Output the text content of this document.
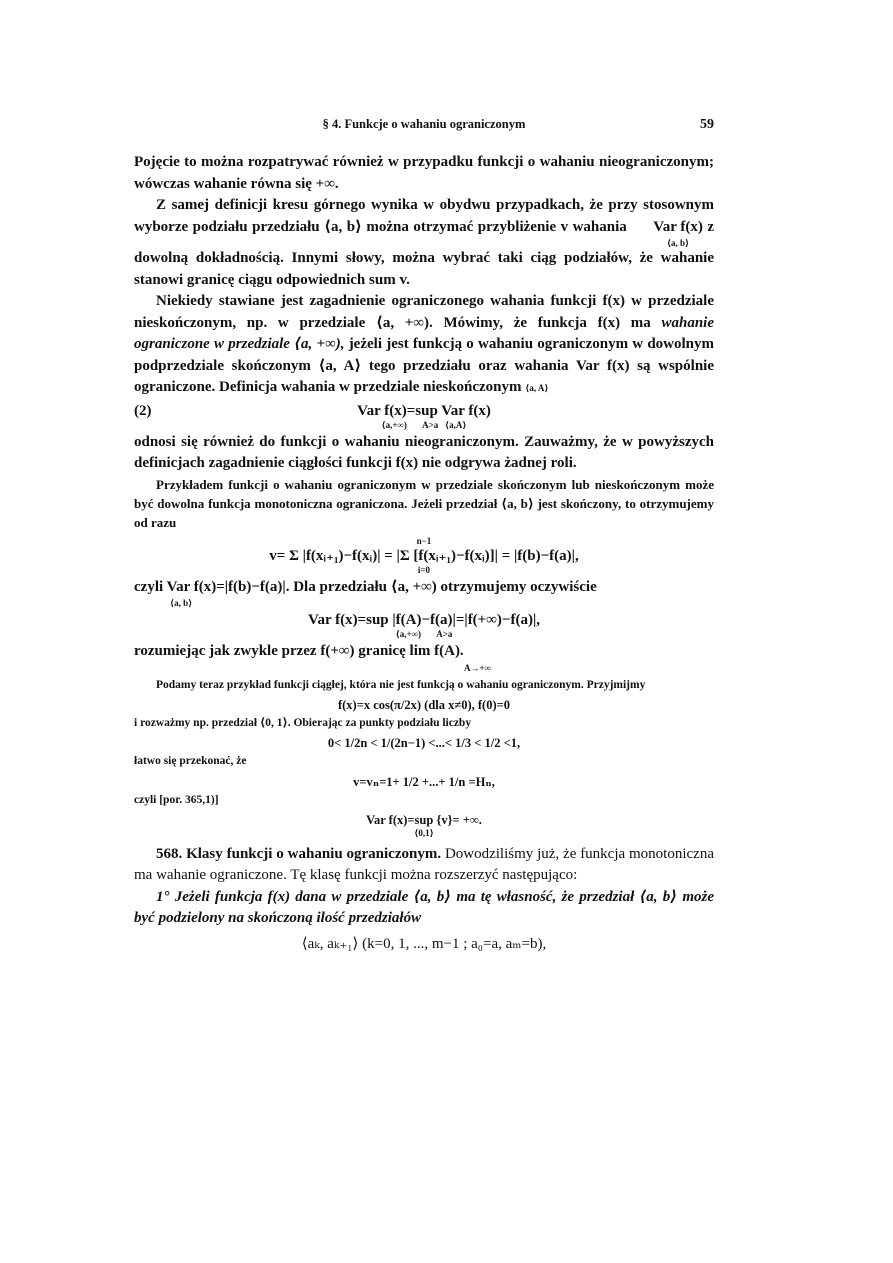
§ 4. Funkcje o wahaniu ograniczonym	59

Pojęcie to można rozpatrywać również w przypadku funkcji o wahaniu nieograniczonym; wówczas wahanie równa się +∞.

Z samej definicji kresu górnego wynika w obydwu przypadkach, że przy stosownym wyborze podziału przedziału ⟨a, b⟩ można otrzymać przybliżenie v wahania Var f(x)
⟨a, b⟩
z dowolną dokładnością. Innymi słowy, można wybrać taki ciąg podziałów, że wahanie stanowi granicę ciągu odpowiednich sum v.

Niekiedy stawiane jest zagadnienie ograniczonego wahania funkcji f(x) w przedziale nieskończonym, np. w przedziale ⟨a, +∞). Mówimy, że funkcja f(x) ma wahanie ograniczone w przedziale ⟨a, +∞), jeżeli jest funkcją o wahaniu ograniczonym w dowolnym podprzedziale skończonym ⟨a, A⟩ tego przedziału oraz wahania Var f(x) są wspólnie ograniczone. Definicja wahania w przedziale nieskończonym ⟨a, A⟩

(2)	Var f(x)=sup Var f(x)
⟨a,+∞) A>a ⟨a,A⟩

odnosi się również do funkcji o wahaniu nieograniczonym. Zauważmy, że w powyższych definicjach zagadnienie ciągłości funkcji f(x) nie odgrywa żadnej roli.

Przykładem funkcji o wahaniu ograniczonym w przedziale skończonym lub nieskończonym może być dowolna funkcja monotoniczna ograniczona. Jeżeli przedział ⟨a, b⟩ jest skończony, to otrzymujemy od razu

n−1
v= Σ |f(xᵢ₊₁)−f(xᵢ)| = |Σ [f(xᵢ₊₁)−f(xᵢ)]| = |f(b)−f(a)|,
i=0

czyli Var f(x)=|f(b)−f(a)|. Dla przedziału ⟨a, +∞) otrzymujemy oczywiście
⟨a, b⟩

Var f(x)=sup |f(A)−f(a)|=|f(+∞)−f(a)|,
⟨a,+∞) A>a

rozumiejąc jak zwykle przez f(+∞) granicę lim f(A).
A→+∞

Podamy teraz przykład funkcji ciągłej, która nie jest funkcją o wahaniu ograniczonym. Przyjmijmy

f(x)=x cos(π/2x) (dla x≠0), f(0)=0

i rozważmy np. przedział ⟨0, 1⟩. Obierając za punkty podziału liczby

0< 1/2n < 1/(2n−1) <...< 1/3 < 1/2 <1,

łatwo się przekonać, że

v=vₙ=1+ 1/2 +...+ 1/n =Hₙ,

czyli [por. 365,1)]

Var f(x)=sup {v}= +∞.
⟨0,1⟩

568. Klasy funkcji o wahaniu ograniczonym. Dowodziliśmy już, że funkcja monotoniczna ma wahanie ograniczone. Tę klasę funkcji można rozszerzyć następująco:

1° Jeżeli funkcja f(x) dana w przedziale ⟨a, b⟩ ma tę własność, że przedział ⟨a, b⟩ może być podzielony na skończoną ilość przedziałów

⟨aₖ, aₖ₊₁⟩ (k=0, 1, ..., m−1 ; a₀=a, aₘ=b),
